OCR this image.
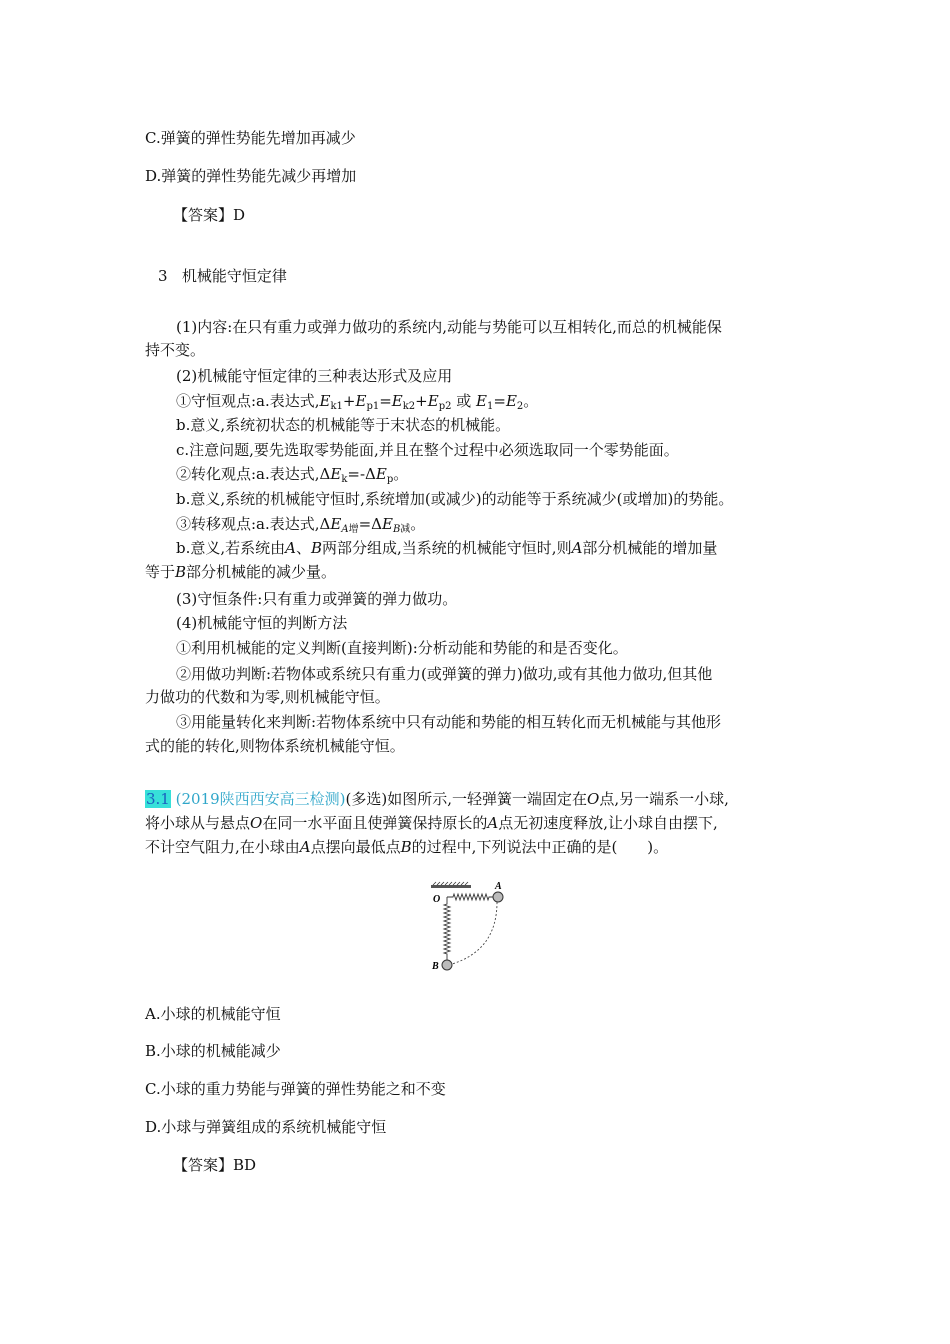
C.弹簧的弹性势能先增加再减少
D.弹簧的弹性势能先减少再增加
【答案】D
3 机械能守恒定律
(1)内容:在只有重力或弹力做功的系统内,动能与势能可以互相转化,而总的机械能保
持不变。
(2)机械能守恒定律的三种表达形式及应用
①守恒观点:a.表达式$,E_{k1}+E_{p1}=E_{k2}+E_{p2}$ 或 $E_1=E_2$。
b.意义,系统初状态的机械能等于末状态的机械能。
c.注意问题,要先选取零势能面,并且在整个过程中必须选取同一个零势能面。
②转化观点:a.表达式$,\Delta E_k=-\Delta E_p$。
b.意义,系统的机械能守恒时,系统增加(或减少)的动能等于系统减少(或增加)的势能。
③转移观点:a.表达式$,\Delta E_{A增}=\Delta E_{B减}$。
b.意义,若系统由A、B两部分组成,当系统的机械能守恒时,则A部分机械能的增加量
等于B部分机械能的减少量。
(3)守恒条件:只有重力或弹簧的弹力做功。
(4)机械能守恒的判断方法
①利用机械能的定义判断(直接判断):分析动能和势能的和是否变化。
②用做功判断:若物体或系统只有重力(或弹簧的弹力)做功,或有其他力做功,但其他
力做功的代数和为零,则机械能守恒。
③用能量转化来判断:若物体系统中只有动能和势能的相互转化而无机械能与其他形
式的能的转化,则物体系统机械能守恒。
3.1 (2019陕西西安高三检测)(多选)如图所示,一轻弹簧一端固定在O点,另一端系一小球,
将小球从与悬点O在同一水平面且使弹簧保持原长的A点无初速度释放,让小球自由摆下,
不计空气阻力,在小球由A点摆向最低点B的过程中,下列说法中正确的是(　　)。
O
A
B
A.小球的机械能守恒
B.小球的机械能减少
C.小球的重力势能与弹簧的弹性势能之和不变
D.小球与弹簧组成的系统机械能守恒
【答案】BD
